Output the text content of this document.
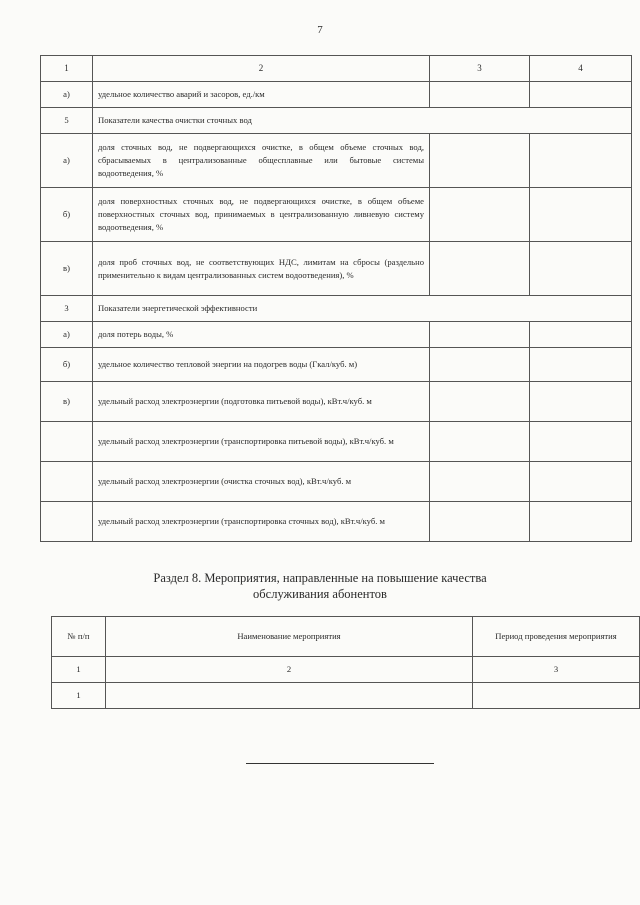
7
1	2	3	4
а)	удельное количество аварий и засоров, ед./км		
5	Показатели качества очистки сточных вод		
а)	доля сточных вод, не подвергающихся очистке, в общем объеме сточных вод, сбрасываемых в централизованные общесплавные или бытовые системы водоотведения, %		
б)	доля поверхностных сточных вод, не подвергающихся очистке, в общем объеме поверхностных сточных вод, принимаемых в централизованную ливневую систему водоотведения, %		
в)	доля проб сточных вод, не соответствующих НДС, лимитам на сбросы (раздельно применительно к видам централизованных систем водоотведения), %		
3	Показатели энергетической эффективности		
а)	доля потерь воды, %		
б)	удельное количество тепловой энергии на подогрев воды (Гкал/куб. м)		
в)	удельный расход электроэнергии (подготовка питьевой воды), кВт.ч/куб. м		
	удельный расход электроэнергии (транспортировка питьевой воды), кВт.ч/куб. м		
	удельный расход электроэнергии (очистка сточных вод), кВт.ч/куб. м		
	удельный расход электроэнергии (транспортировка сточных вод), кВт.ч/куб. м		
Раздел 8. Мероприятия, направленные на повышение качества
обслуживания абонентов
№ п/п	Наименование мероприятия	Период проведения мероприятия
1	2	3
1		
